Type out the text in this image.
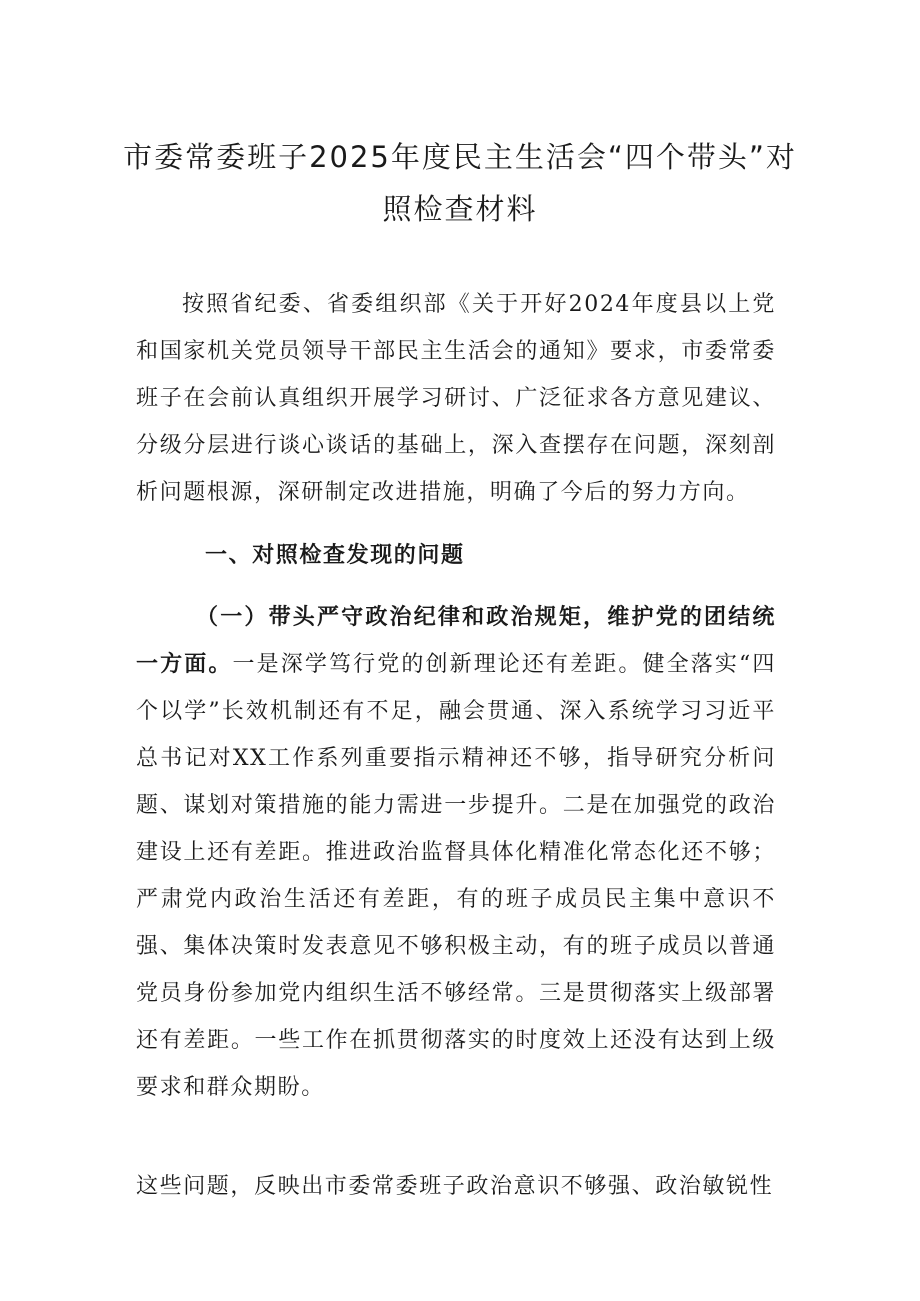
市委常委班子2025年度民主生活会“四个带头”对照检查材料

按照省纪委、省委组织部《关于开好2024年度县以上党和国家机关党员领导干部民主生活会的通知》要求，市委常委班子在会前认真组织开展学习研讨、广泛征求各方意见建议、分级分层进行谈心谈话的基础上，深入查摆存在问题，深刻剖析问题根源，深研制定改进措施，明确了今后的努力方向。

一、对照检查发现的问题

（一）带头严守政治纪律和政治规矩，维护党的团结统一方面。一是深学笃行党的创新理论还有差距。健全落实“四个以学”长效机制还有不足，融会贯通、深入系统学习习近平总书记对XX工作系列重要指示精神还不够，指导研究分析问题、谋划对策措施的能力需进一步提升。二是在加强党的政治建设上还有差距。推进政治监督具体化精准化常态化还不够；严肃党内政治生活还有差距，有的班子成员民主集中意识不强、集体决策时发表意见不够积极主动，有的班子成员以普通党员身份参加党内组织生活不够经常。三是贯彻落实上级部署还有差距。一些工作在抓贯彻落实的时度效上还没有达到上级要求和群众期盼。

这些问题，反映出市委常委班子政治意识不够强、政治敏锐性
